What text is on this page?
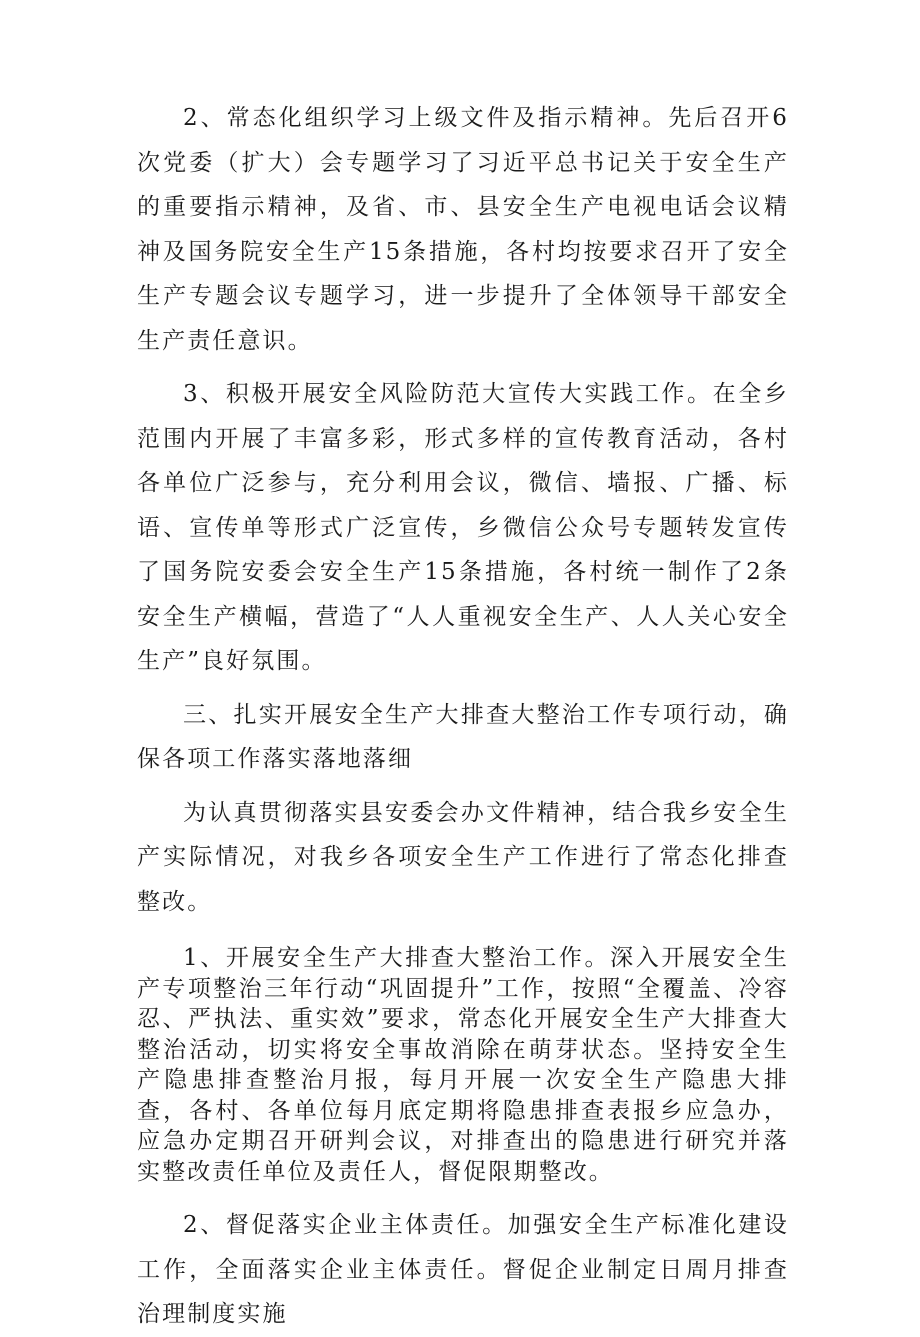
2、常态化组织学习上级文件及指示精神。先后召开6次党委（扩大）会专题学习了习近平总书记关于安全生产的重要指示精神，及省、市、县安全生产电视电话会议精神及国务院安全生产15条措施，各村均按要求召开了安全生产专题会议专题学习，进一步提升了全体领导干部安全生产责任意识。

3、积极开展安全风险防范大宣传大实践工作。在全乡范围内开展了丰富多彩，形式多样的宣传教育活动，各村各单位广泛参与，充分利用会议，微信、墙报、广播、标语、宣传单等形式广泛宣传，乡微信公众号专题转发宣传了国务院安委会安全生产15条措施，各村统一制作了2条安全生产横幅，营造了“人人重视安全生产、人人关心安全生产”良好氛围。

三、扎实开展安全生产大排查大整治工作专项行动，确保各项工作落实落地落细

为认真贯彻落实县安委会办文件精神，结合我乡安全生产实际情况，对我乡各项安全生产工作进行了常态化排查整改。

1、开展安全生产大排查大整治工作。深入开展安全生产专项整治三年行动“巩固提升”工作，按照“全覆盖、冷容忍、严执法、重实效”要求，常态化开展安全生产大排查大整治活动，切实将安全事故消除在萌芽状态。坚持安全生产隐患排查整治月报，每月开展一次安全生产隐患大排查，各村、各单位每月底定期将隐患排查表报乡应急办，应急办定期召开研判会议，对排查出的隐患进行研究并落实整改责任单位及责任人，督促限期整改。

2、督促落实企业主体责任。加强安全生产标准化建设工作，全面落实企业主体责任。督促企业制定日周月排查治理制度实施
